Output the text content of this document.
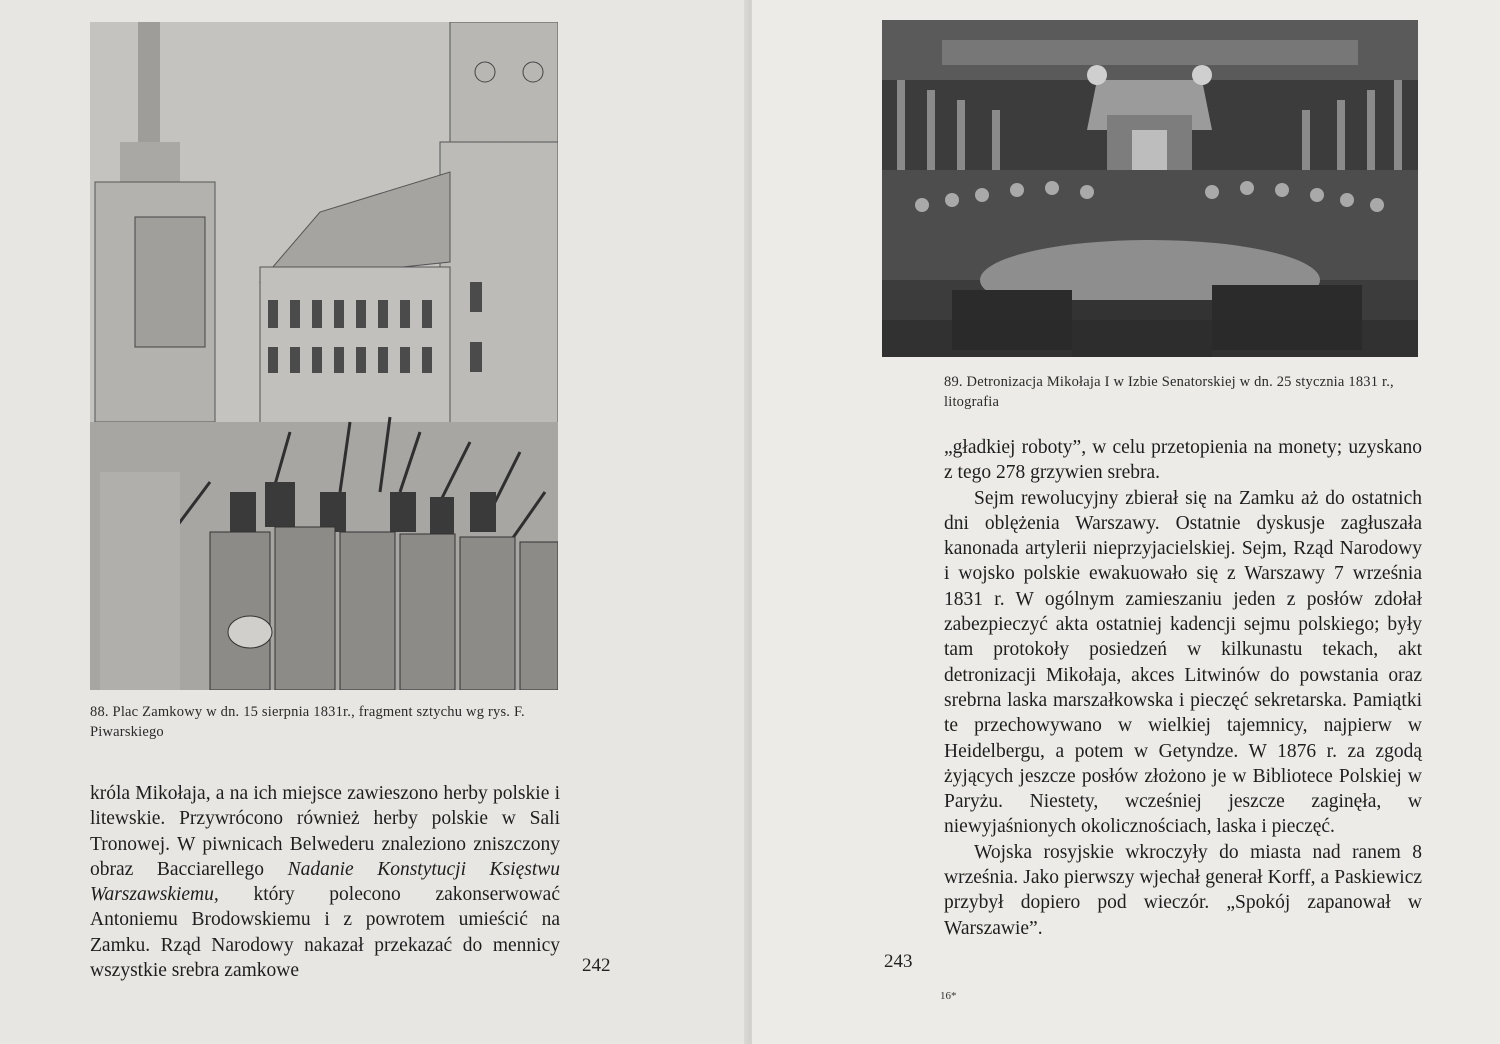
88. Plac Zamkowy w dn. 15 sierpnia 1831r., fragment sztychu wg rys. F. Piwarskiego

króla Mikołaja, a na ich miejsce zawieszono herby polskie i litewskie. Przywrócono również herby polskie w Sali Tronowej. W piwnicach Belwederu znaleziono zniszczony obraz Bacciarellego Nadanie Konstytucji Księstwu Warszawskiemu, który polecono zakonserwować Antoniemu Brodowskiemu i z powrotem umieścić na Zamku. Rząd Narodowy nakazał przekazać do mennicy wszystkie srebra zamkowe	242
89. Detronizacja Mikołaja I w Izbie Senatorskiej w dn. 25 stycznia 1831 r., litografia

„gładkiej roboty”, w celu przetopienia na monety; uzyskano z tego 278 grzywien srebra.

Sejm rewolucyjny zbierał się na Zamku aż do ostatnich dni oblężenia Warszawy. Ostatnie dyskusje zagłuszała kanonada artylerii nieprzyjacielskiej. Sejm, Rząd Narodowy i wojsko polskie ewakuowało się z Warszawy 7 września 1831 r. W ogólnym zamieszaniu jeden z posłów zdołał zabezpieczyć akta ostatniej kadencji sejmu polskiego; były tam protokoły posiedzeń w kilkunastu tekach, akt detronizacji Mikołaja, akces Litwinów do powstania oraz srebrna laska marszałkowska i pieczęć sekretarska. Pamiątki te przechowywano w wielkiej tajemnicy, najpierw w Heidelbergu, a potem w Getyndze. W 1876 r. za zgodą żyjących jeszcze posłów złożono je w Bibliotece Polskiej w Paryżu. Niestety, wcześniej jeszcze zaginęła, w niewyjaśnionych okolicznościach, laska i pieczęć.

Wojska rosyjskie wkroczyły do miasta nad ranem 8 września. Jako pierwszy wjechał generał Korff, a Paskiewicz przybył dopiero pod wieczór. „Spokój zapanował w Warszawie”.

243
16*
